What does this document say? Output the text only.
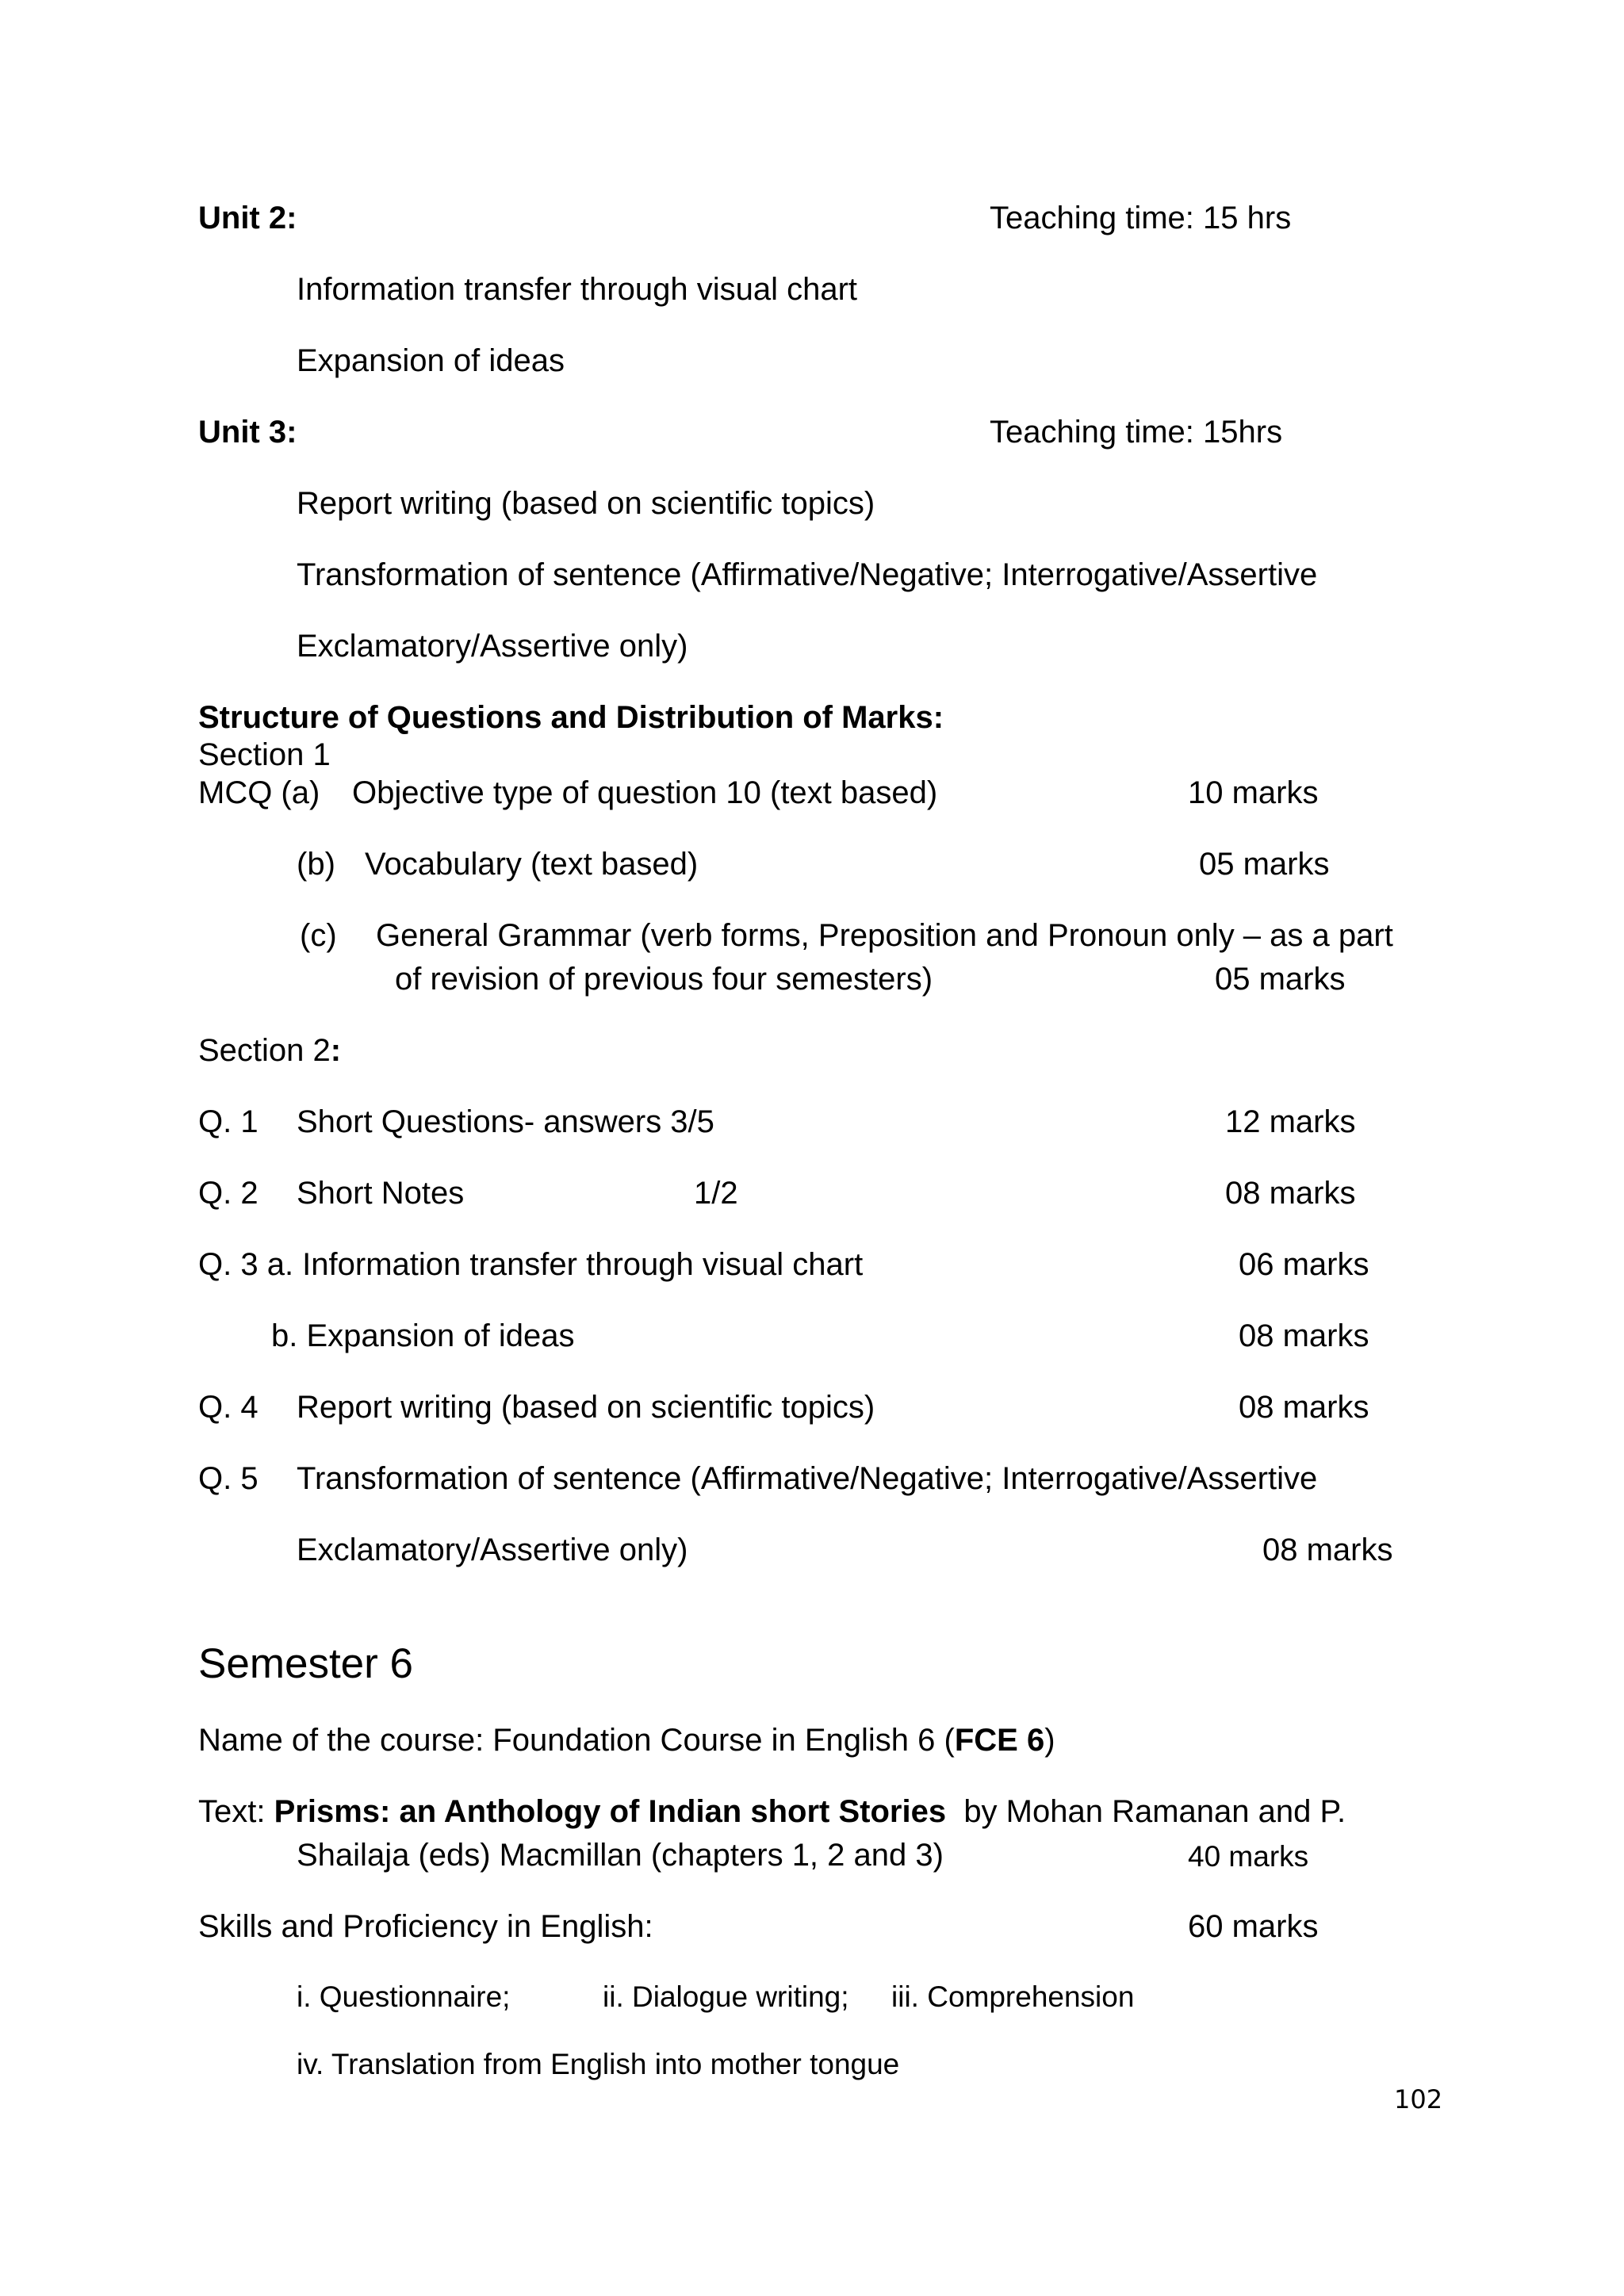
Unit 2:	Teaching time: 15 hrs
Information transfer through visual chart
Expansion of ideas
Unit 3:	Teaching time: 15hrs
Report writing (based on scientific topics)
Transformation of sentence (Affirmative/Negative; Interrogative/Assertive
Exclamatory/Assertive only)
Structure of Questions and Distribution of Marks:
Section 1
MCQ (a) Objective type of question 10 (text based)	10 marks
(b) Vocabulary (text based)	05 marks
(c) General Grammar (verb forms, Preposition and Pronoun only – as a part
of revision of previous four semesters)	05 marks
Section 2:
Q. 1 Short Questions- answers 3/5	12 marks
Q. 2 Short Notes	1/2	08 marks
Q. 3 a. Information transfer through visual chart	06 marks
b. Expansion of ideas	08 marks
Q. 4 Report writing (based on scientific topics)	08 marks
Q. 5 Transformation of sentence (Affirmative/Negative; Interrogative/Assertive
Exclamatory/Assertive only)	08 marks
Semester 6
Name of the course: Foundation Course in English 6 (FCE 6)
Text: Prisms: an Anthology of Indian short Stories by Mohan Ramanan and P.
Shailaja (eds) Macmillan (chapters 1, 2 and 3)	40 marks
Skills and Proficiency in English:	60 marks
i. Questionnaire;	ii. Dialogue writing; iii. Comprehension
iv. Translation from English into mother tongue
102
